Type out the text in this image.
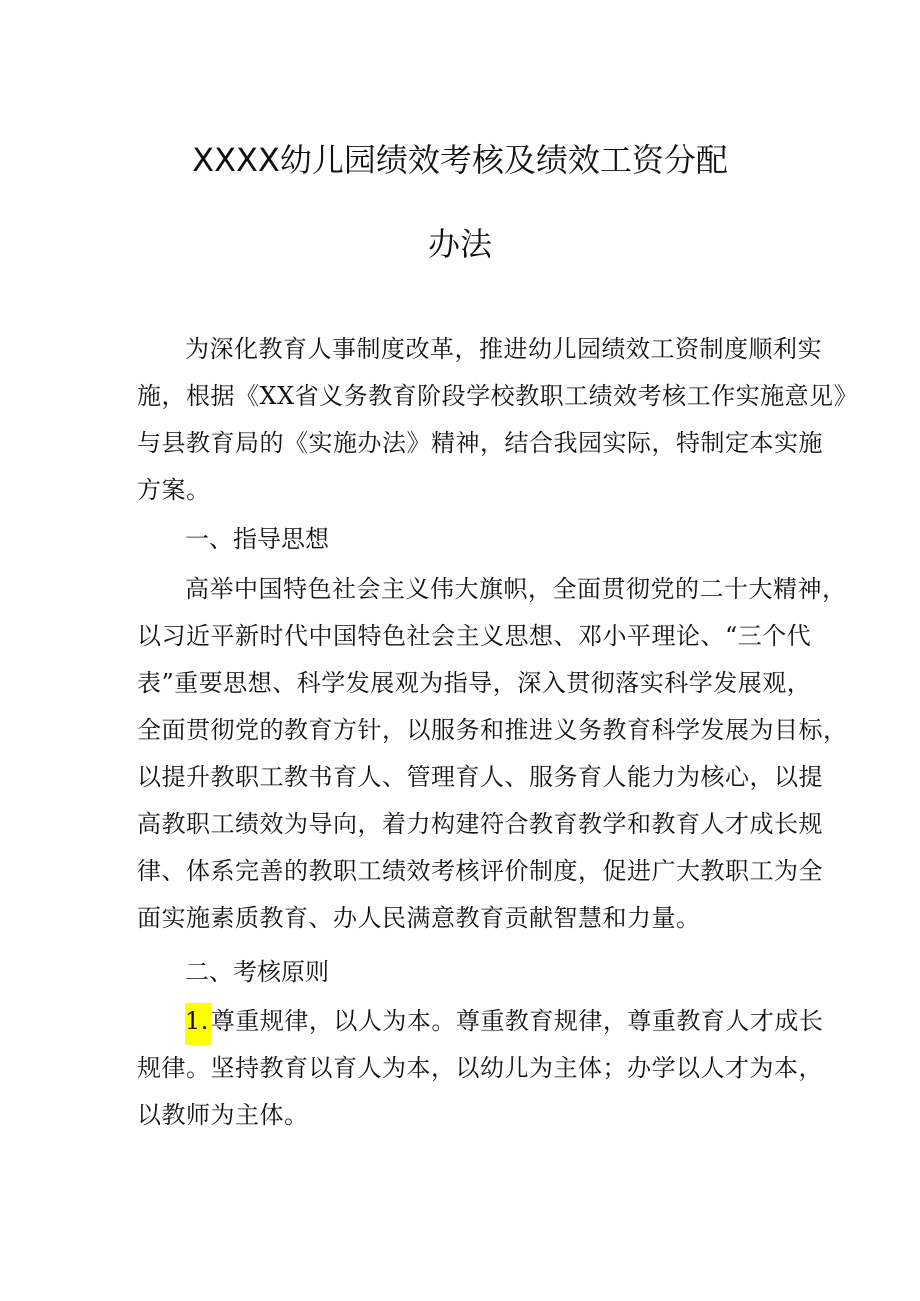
XXXX幼儿园绩效考核及绩效工资分配
办法
为深化教育人事制度改革，推进幼儿园绩效工资制度顺利实
施，根据《XX省义务教育阶段学校教职工绩效考核工作实施意见》
与县教育局的《实施办法》精神，结合我园实际，特制定本实施
方案。
一、指导思想
高举中国特色社会主义伟大旗帜，全面贯彻党的二十大精神，
以习近平新时代中国特色社会主义思想、邓小平理论、“三个代
表”重要思想、科学发展观为指导，深入贯彻落实科学发展观，
全面贯彻党的教育方针，以服务和推进义务教育科学发展为目标，
以提升教职工教书育人、管理育人、服务育人能力为核心，以提
高教职工绩效为导向，着力构建符合教育教学和教育人才成长规
律、体系完善的教职工绩效考核评价制度，促进广大教职工为全
面实施素质教育、办人民满意教育贡献智慧和力量。
二、考核原则
1.尊重规律，以人为本。尊重教育规律，尊重教育人才成长
规律。坚持教育以育人为本，以幼儿为主体；办学以人才为本，
以教师为主体。
